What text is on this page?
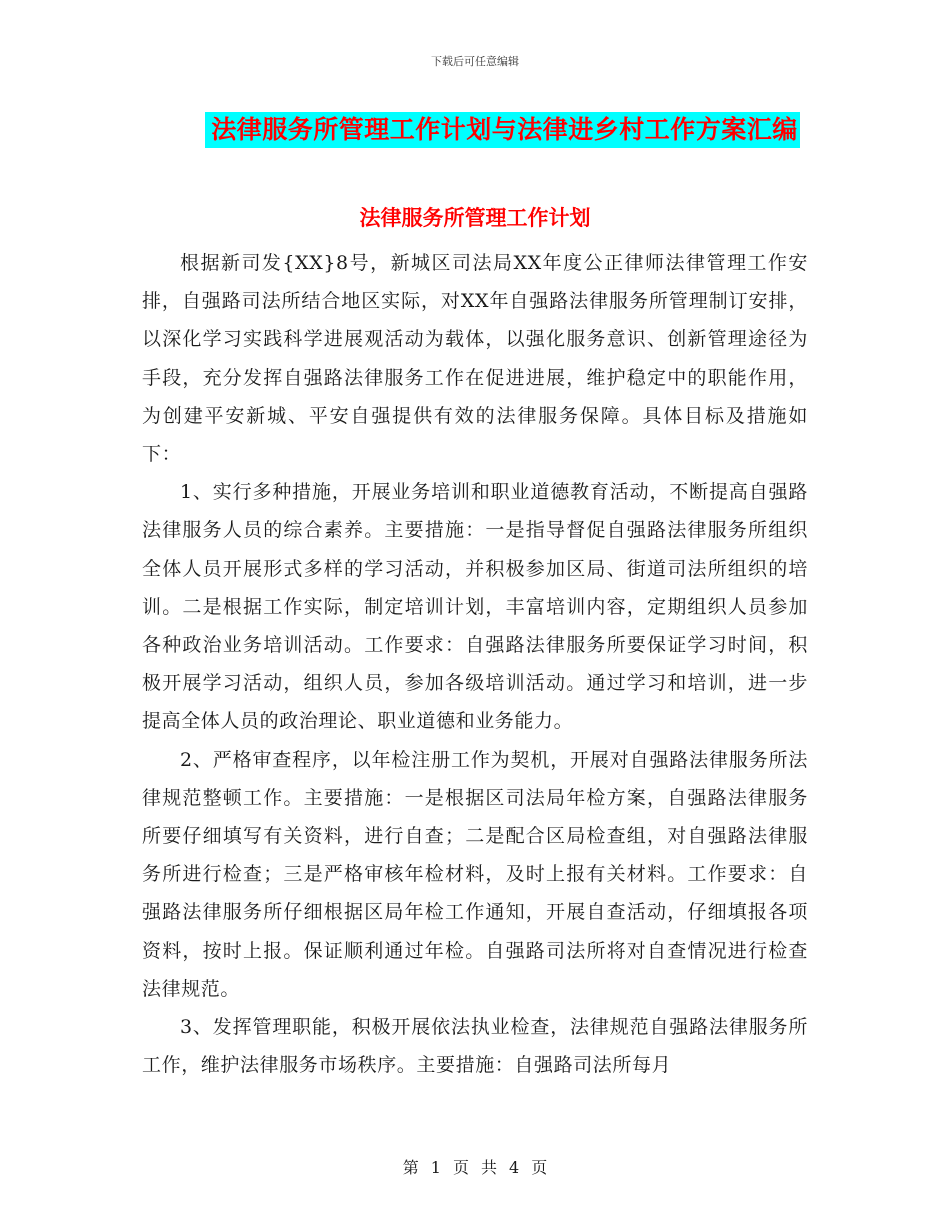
下载后可任意编辑
法律服务所管理工作计划与法律进乡村工作方案汇编
法律服务所管理工作计划

根据新司发{XX}8号，新城区司法局XX年度公正律师法律管理工作安排，自强路司法所结合地区实际，对XX年自强路法律服务所管理制订安排，以深化学习实践科学进展观活动为载体，以强化服务意识、创新管理途径为手段，充分发挥自强路法律服务工作在促进进展，维护稳定中的职能作用，为创建平安新城、平安自强提供有效的法律服务保障。具体目标及措施如下：

1、实行多种措施，开展业务培训和职业道德教育活动，不断提高自强路法律服务人员的综合素养。主要措施：一是指导督促自强路法律服务所组织全体人员开展形式多样的学习活动，并积极参加区局、街道司法所组织的培训。二是根据工作实际，制定培训计划，丰富培训内容，定期组织人员参加各种政治业务培训活动。工作要求：自强路法律服务所要保证学习时间，积极开展学习活动，组织人员，参加各级培训活动。通过学习和培训，进一步提高全体人员的政治理论、职业道德和业务能力。

2、严格审查程序，以年检注册工作为契机，开展对自强路法律服务所法律规范整顿工作。主要措施：一是根据区司法局年检方案，自强路法律服务所要仔细填写有关资料，进行自查；二是配合区局检查组，对自强路法律服务所进行检查；三是严格审核年检材料，及时上报有关材料。工作要求：自强路法律服务所仔细根据区局年检工作通知，开展自查活动，仔细填报各项资料，按时上报。保证顺利通过年检。自强路司法所将对自查情况进行检查法律规范。

3、发挥管理职能，积极开展依法执业检查，法律规范自强路法律服务所工作，维护法律服务市场秩序。主要措施：自强路司法所每月

第 1 页 共 4 页
